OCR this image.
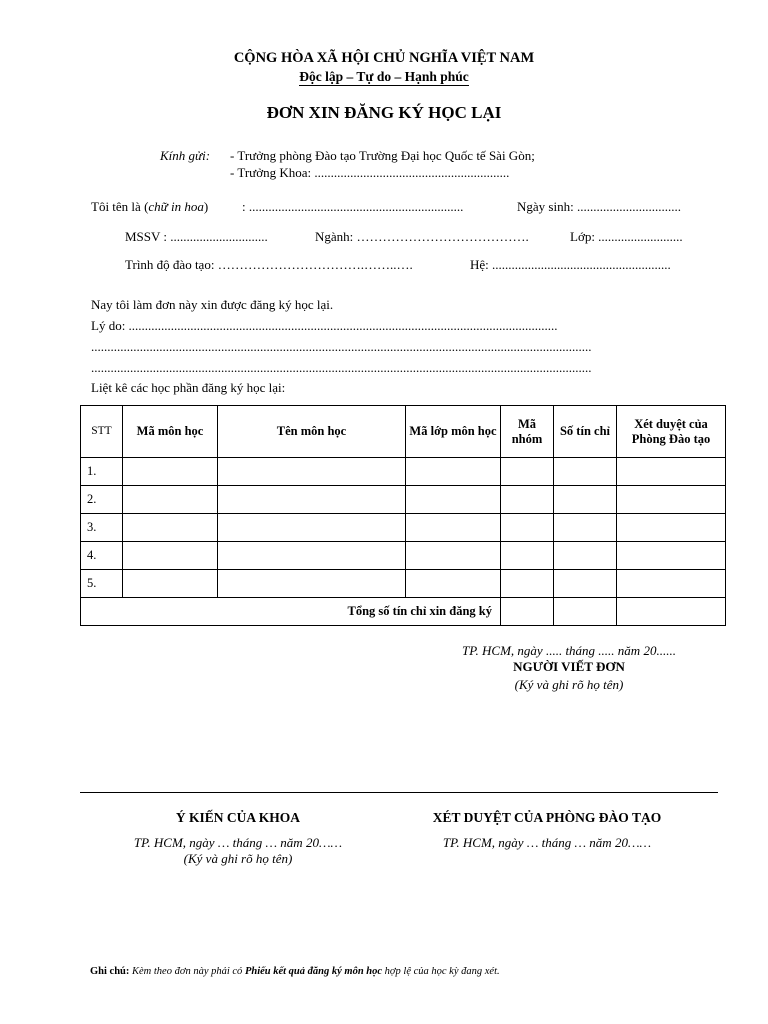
CỘNG HÒA XÃ HỘI CHỦ NGHĨA VIỆT NAM
Độc lập – Tự do – Hạnh phúc
ĐƠN XIN ĐĂNG KÝ HỌC LẠI
Kính gửi: - Trưởng phòng Đào tạo Trường Đại học Quốc tế Sài Gòn;
- Trưởng Khoa: ............................................................
Tôi tên là (chữ in hoa)	: ..................................................................	Ngày sinh: ................................
MSSV : ..............................	Ngành: ………………………………….	Lớp: ..........................
Trình độ đào tạo: …………………………….……..….	Hệ: .......................................................
Nay tôi làm đơn này xin được đăng ký học lại.
Lý do: ....................................................................................................................................
..........................................................................................................................................................
..........................................................................................................................................................
Liệt kê các học phần đăng ký học lại:
STT	Mã môn học	Tên môn học	Mã lớp môn học	Mã nhóm	Số tín chỉ	Xét duyệt của Phòng Đào tạo
1.						
2.						
3.						
4.						
5.						
Tổng số tín chỉ xin đăng ký						
TP. HCM, ngày ..... tháng ..... năm 20......
NGƯỜI VIẾT ĐƠN
(Ký và ghi rõ họ tên)
Ý KIẾN CỦA KHOA
TP. HCM, ngày … tháng … năm 20……
(Ký và ghi rõ họ tên)
XÉT DUYỆT CỦA PHÒNG ĐÀO TẠO
TP. HCM, ngày … tháng … năm 20……
Ghi chú: Kèm theo đơn này phải có Phiếu kết quả đăng ký môn học hợp lệ của học kỳ đang xét.
